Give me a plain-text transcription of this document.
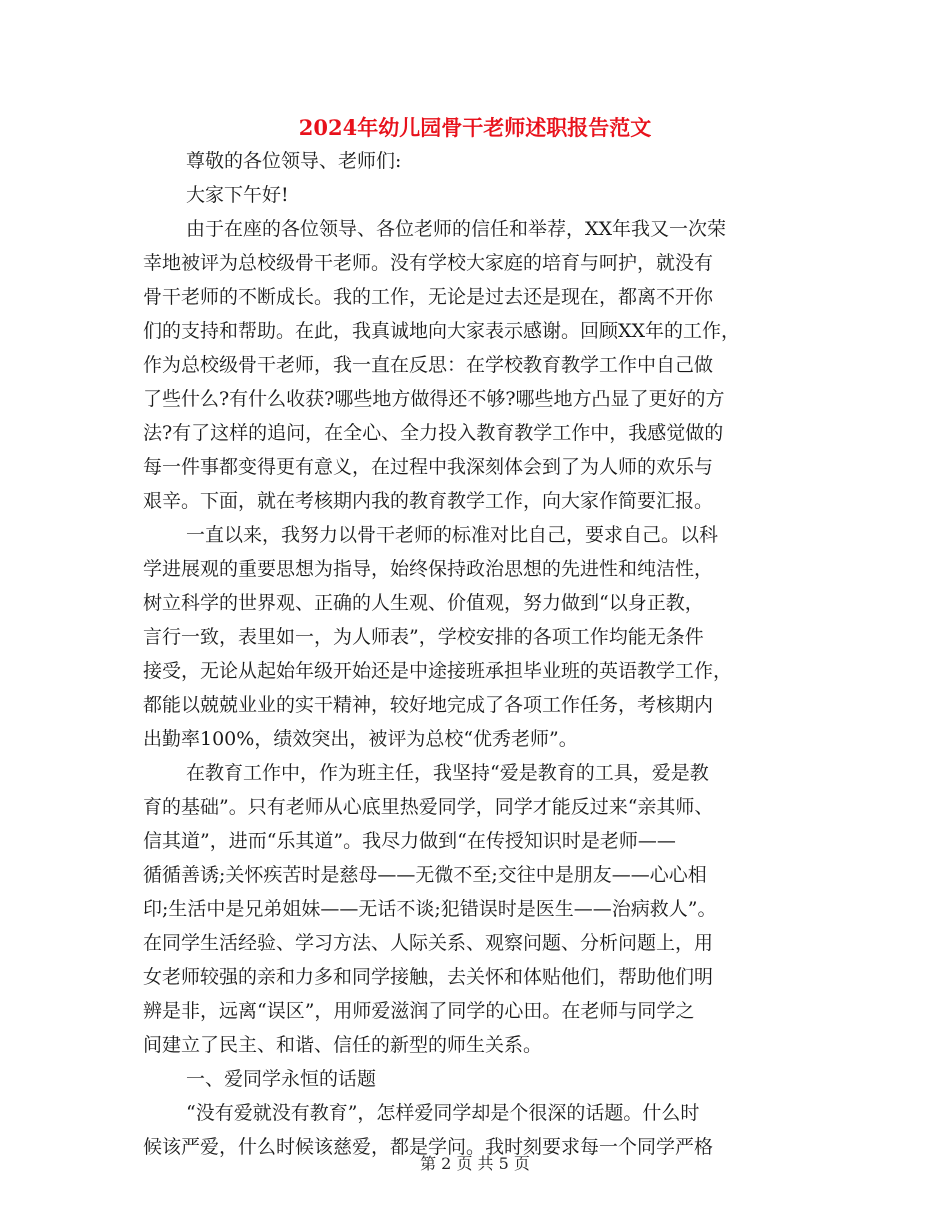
2024年幼儿园骨干老师述职报告范文
尊敬的各位领导、老师们:
大家下午好!
由于在座的各位领导、各位老师的信任和举荐，XX年我又一次荣
幸地被评为总校级骨干老师。没有学校大家庭的培育与呵护，就没有
骨干老师的不断成长。我的工作，无论是过去还是现在，都离不开你
们的支持和帮助。在此，我真诚地向大家表示感谢。回顾XX年的工作，
作为总校级骨干老师，我一直在反思：在学校教育教学工作中自己做
了些什么?有什么收获?哪些地方做得还不够?哪些地方凸显了更好的方
法?有了这样的追问，在全心、全力投入教育教学工作中，我感觉做的
每一件事都变得更有意义，在过程中我深刻体会到了为人师的欢乐与
艰辛。下面，就在考核期内我的教育教学工作，向大家作简要汇报。
一直以来，我努力以骨干老师的标准对比自己，要求自己。以科
学进展观的重要思想为指导，始终保持政治思想的先进性和纯洁性，
树立科学的世界观、正确的人生观、价值观，努力做到“以身正教，
言行一致，表里如一，为人师表”，学校安排的各项工作均能无条件
接受，无论从起始年级开始还是中途接班承担毕业班的英语教学工作，
都能以兢兢业业的实干精神，较好地完成了各项工作任务，考核期内
出勤率100%，绩效突出，被评为总校“优秀老师”。
在教育工作中，作为班主任，我坚持“爱是教育的工具，爱是教
育的基础”。只有老师从心底里热爱同学，同学才能反过来“亲其师、
信其道”，进而“乐其道”。我尽力做到“在传授知识时是老师——
循循善诱;关怀疾苦时是慈母——无微不至;交往中是朋友——心心相
印;生活中是兄弟姐妹——无话不谈;犯错误时是医生——治病救人”。
在同学生活经验、学习方法、人际关系、观察问题、分析问题上，用
女老师较强的亲和力多和同学接触，去关怀和体贴他们，帮助他们明
辨是非，远离“误区”，用师爱滋润了同学的心田。在老师与同学之
间建立了民主、和谐、信任的新型的师生关系。
一、爱同学永恒的话题
“没有爱就没有教育”，怎样爱同学却是个很深的话题。什么时
候该严爱，什么时候该慈爱，都是学问。我时刻要求每一个同学严格
第 2 页 共 5 页
